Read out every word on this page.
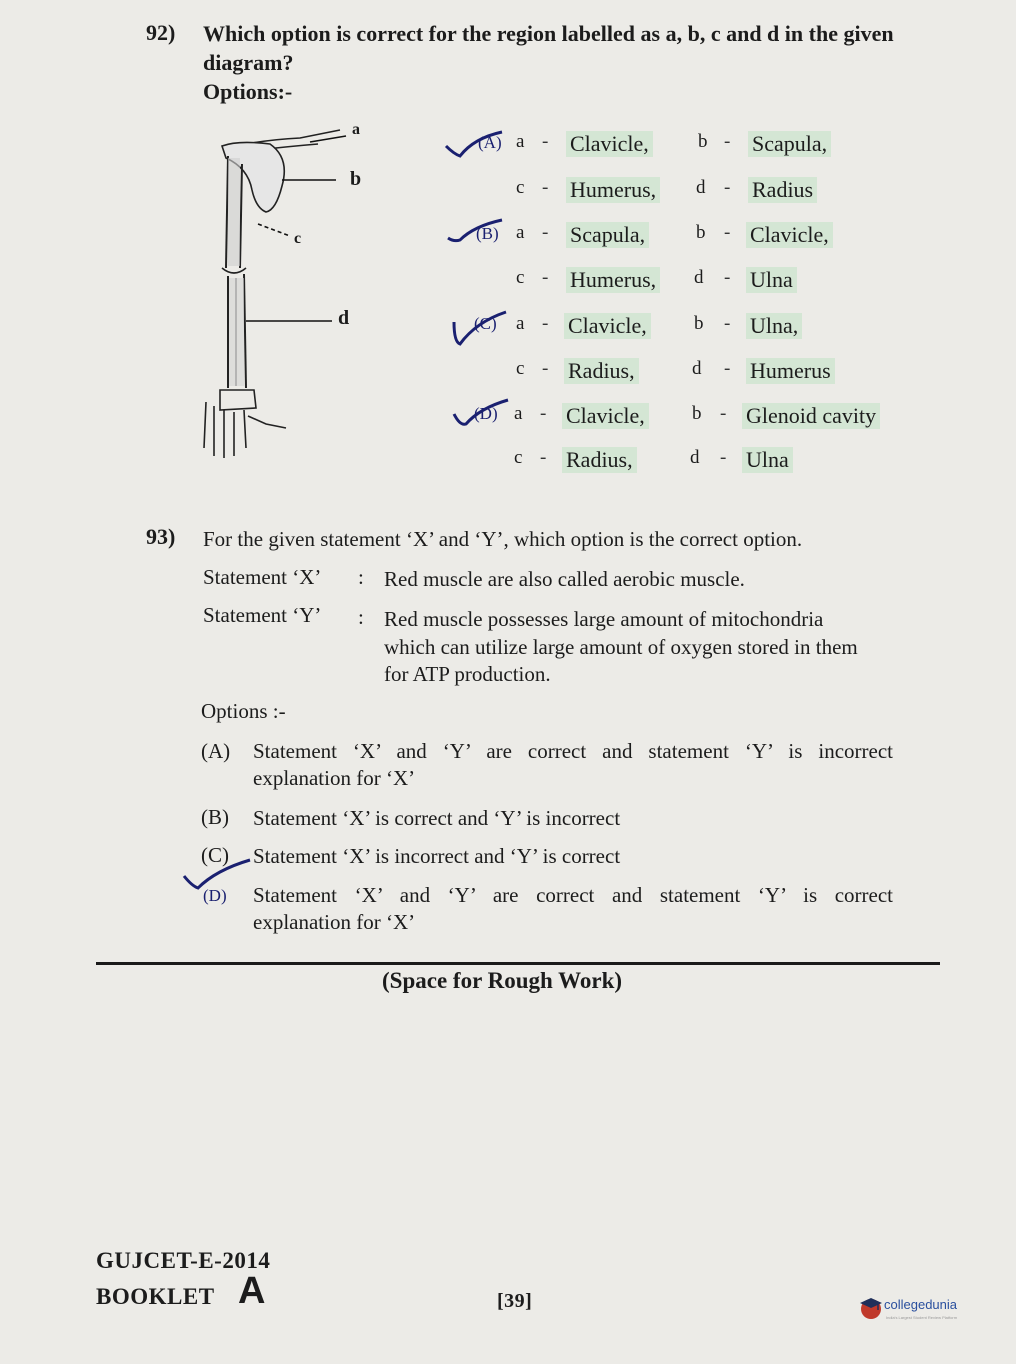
92) Which option is correct for the region labelled as a, b, c and d in the given
diagram?
Options:-
a
b
c
d
(A) a - Clavicle,	b - Scapula,
c - Humerus, d - Radius
(B) a - Scapula,	b - Clavicle,
c - Humerus, d - Ulna
(C) a - Clavicle, b - Ulna,
c - Radius,	d - Humerus
(D) a - Clavicle, b - Glenoid cavity
c - Radius,	d - Ulna
93) For the given statement ‘X’ and ‘Y’, which option is the correct option.
Statement ‘X’ : Red muscle are also called aerobic muscle.
Statement ‘Y’ : Red muscle possesses large amount of mitochondria
which can utilize large amount of oxygen stored in them
for ATP production.
Options :-
(A) Statement ‘X’ and ‘Y’ are correct and statement ‘Y’ is incorrect
explanation for ‘X’
(B) Statement ‘X’ is correct and ‘Y’ is incorrect
(C) Statement ‘X’ is incorrect and ‘Y’ is correct
(D) Statement ‘X’ and ‘Y’ are correct and statement ‘Y’ is correct
explanation for ‘X’
(Space for Rough Work)
GUJCET-E-2014
BOOKLET A	[39]	collegedunia
India's Largest Student Review Platform
